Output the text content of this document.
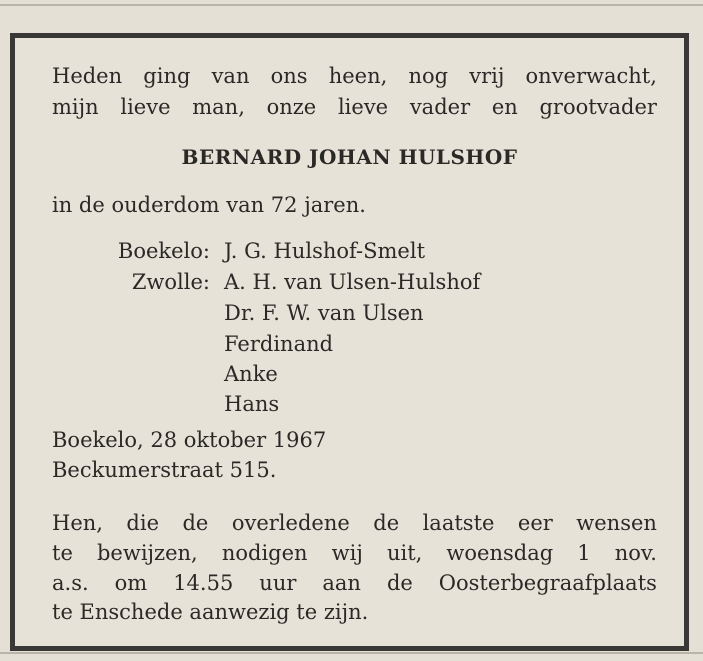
Heden ging van ons heen, nog vrij onverwacht,
mijn lieve man, onze lieve vader en grootvader
BERNARD JOHAN HULSHOF
in de ouderdom van 72 jaren.
Boekelo: J. G. Hulshof-Smelt
Zwolle: A. H. van Ulsen-Hulshof
Dr. F. W. van Ulsen
Ferdinand
Anke
Hans
Boekelo, 28 oktober 1967
Beckumerstraat 515.
Hen, die de overledene de laatste eer wensen
te bewijzen, nodigen wij uit, woensdag 1 nov.
a.s. om 14.55 uur aan de Oosterbegraafplaats
te Enschede aanwezig te zijn.
